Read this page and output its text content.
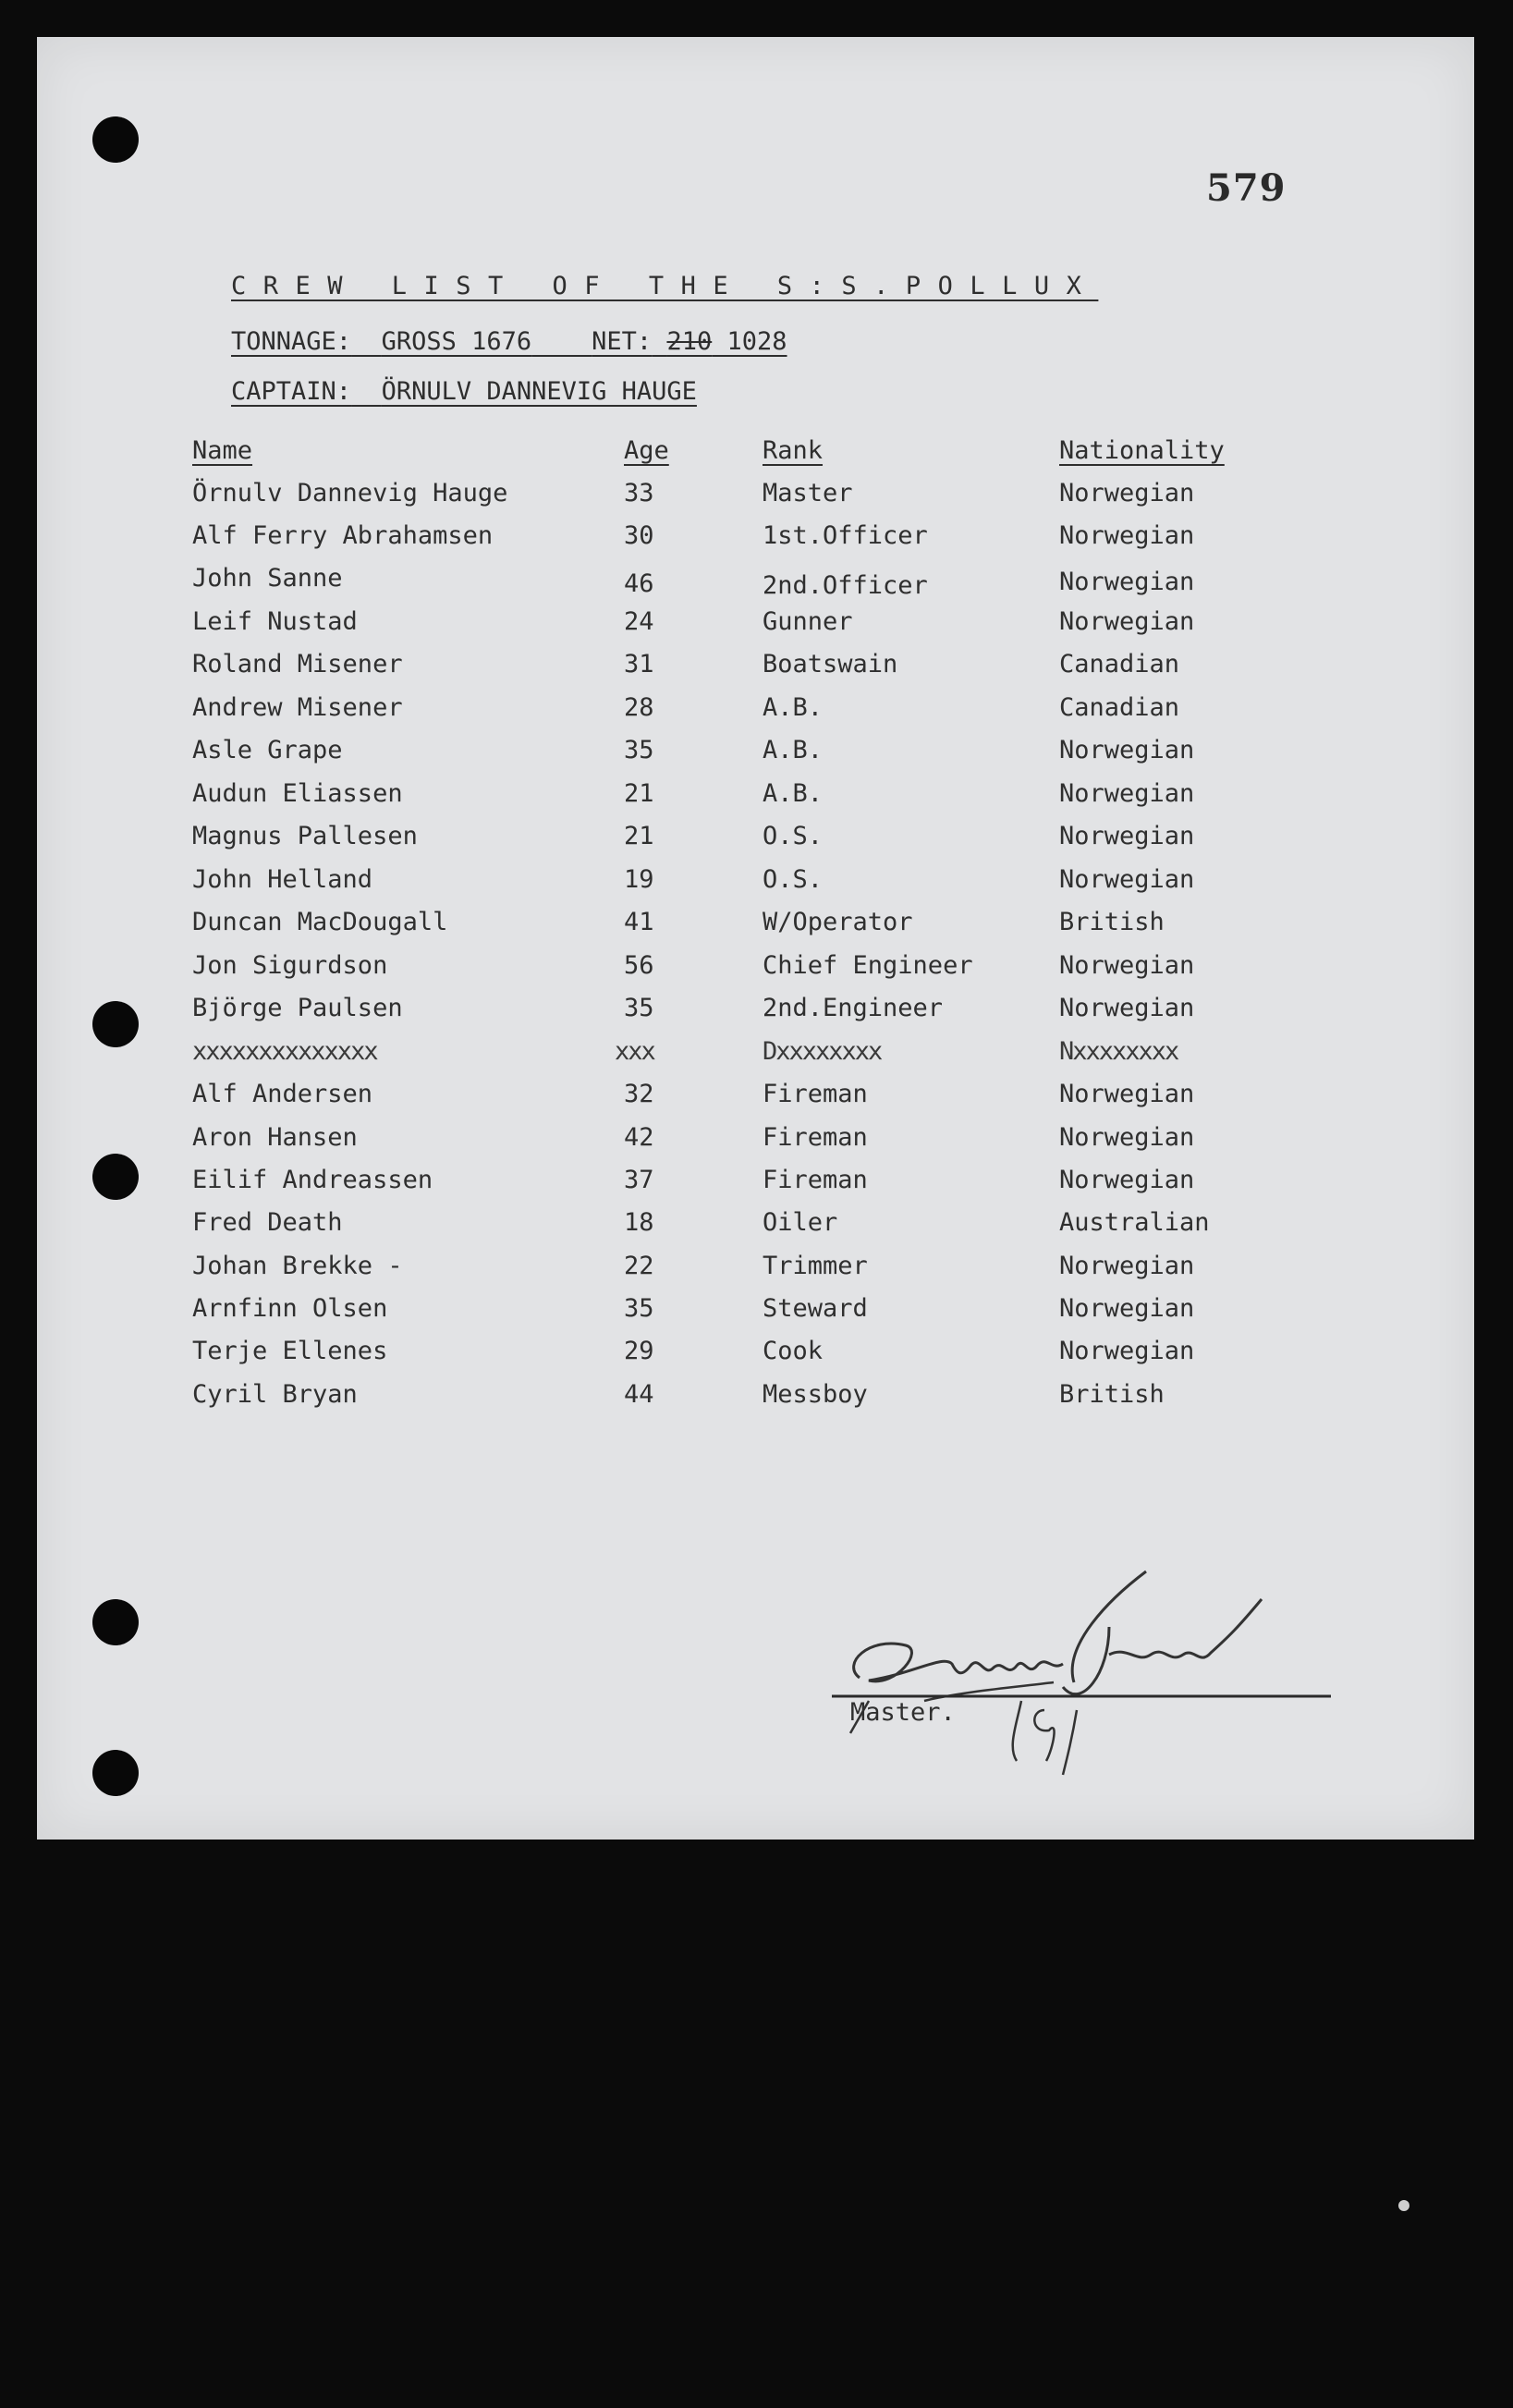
579
CREW LIST OF THE S:S.POLLUX
TONNAGE: GROSS 1676 NET: 210 1028
CAPTAIN: ÖRNULV DANNEVIG HAUGE
Name	Age	Rank	Nationality
Örnulv Dannevig Hauge	33	Master	Norwegian
Alf Ferry Abrahamsen	30	1st.Officer	Norwegian
John Sanne	46	2nd.Officer	Norwegian
Leif Nustad	24	Gunner	Norwegian
Roland Misener	31	Boatswain	Canadian
Andrew Misener	28	A.B.	Canadian
Asle Grape	35	A.B.	Norwegian
Audun Eliassen	21	A.B.	Norwegian
Magnus Pallesen	21	O.S.	Norwegian
John Helland	19	O.S.	Norwegian
Duncan MacDougall	41	W/Operator	British
Jon Sigurdson	56	Chief Engineer	Norwegian
Björge Paulsen	35	2nd.Engineer	Norwegian
xxxxxxxxxxxxxx	xxx	Dxxxxxxxx	Nxxxxxxxx
Alf Andersen	32	Fireman	Norwegian
Aron Hansen	42	Fireman	Norwegian
Eilif Andreassen	37	Fireman	Norwegian
Fred Death	18	Oiler	Australian
Johan Brekke -	22	Trimmer	Norwegian
Arnfinn Olsen	35	Steward	Norwegian
Terje Ellenes	29	Cook	Norwegian
Cyril Bryan	44	Messboy	British
Master.
